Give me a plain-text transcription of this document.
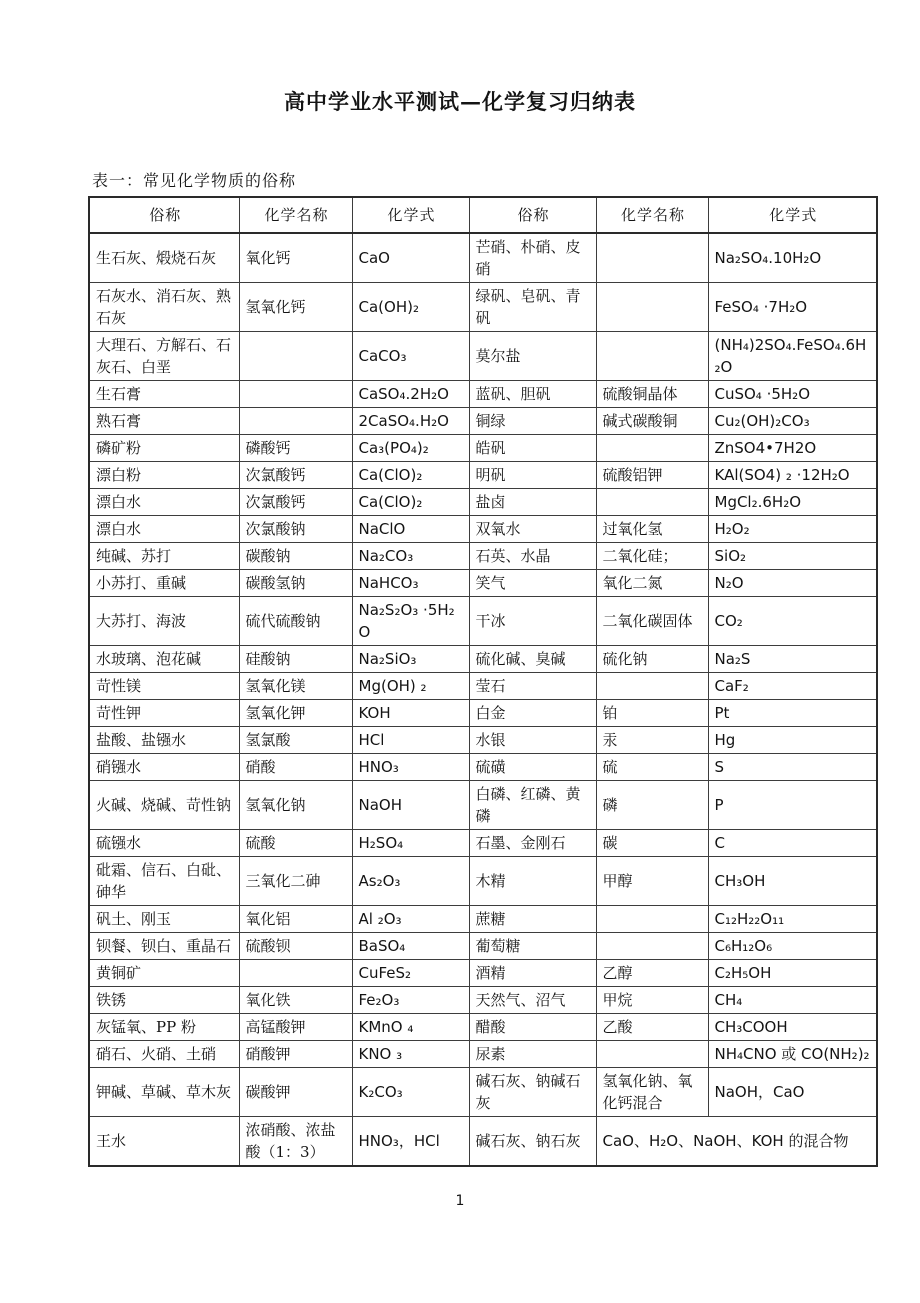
高中学业水平测试—化学复习归纳表
表一：常见化学物质的俗称
俗称	化学名称	化学式	俗称	化学名称	化学式
生石灰、煅烧石灰	氧化钙	CaO	芒硝、朴硝、皮硝		Na₂SO₄.10H₂O
石灰水、消石灰、熟石灰	氢氧化钙	Ca(OH)₂	绿矾、皂矾、青矾		FeSO₄ ·7H₂O
大理石、方解石、石灰石、白垩		CaCO₃	莫尔盐		(NH₄)2SO₄.FeSO₄.6H₂O
生石膏		CaSO₄.2H₂O	蓝矾、胆矾	硫酸铜晶体	CuSO₄ ·5H₂O
熟石膏		2CaSO₄.H₂O	铜绿	碱式碳酸铜	Cu₂(OH)₂CO₃
磷矿粉	磷酸钙	Ca₃(PO₄)₂	皓矾		ZnSO4•7H2O
漂白粉	次氯酸钙	Ca(ClO)₂	明矾	硫酸铝钾	KAl(SO4) ₂ ·12H₂O
漂白水	次氯酸钙	Ca(ClO)₂	盐卤		MgCl₂.6H₂O
漂白水	次氯酸钠	NaClO	双氧水	过氧化氢	H₂O₂
纯碱、苏打	碳酸钠	Na₂CO₃	石英、水晶	二氧化硅；	SiO₂
小苏打、重碱	碳酸氢钠	NaHCO₃	笑气	氧化二氮	N₂O
大苏打、海波	硫代硫酸钠	Na₂S₂O₃ ·5H₂O	干冰	二氧化碳固体	CO₂
水玻璃、泡花碱	硅酸钠	Na₂SiO₃	硫化碱、臭碱	硫化钠	Na₂S
苛性镁	氢氧化镁	Mg(OH) ₂	莹石		CaF₂
苛性钾	氢氧化钾	KOH	白金	铂	Pt
盐酸、盐镪水	氢氯酸	HCl	水银	汞	Hg
硝镪水	硝酸	HNO₃	硫磺	硫	S
火碱、烧碱、苛性钠	氢氧化钠	NaOH	白磷、红磷、黄磷	磷	P
硫镪水	硫酸	H₂SO₄	石墨、金刚石	碳	C
砒霜、信石、白砒、砷华	三氧化二砷	As₂O₃	木精	甲醇	CH₃OH
矾土、刚玉	氧化铝	Al ₂O₃	蔗糖		C₁₂H₂₂O₁₁
钡餐、钡白、重晶石	硫酸钡	BaSO₄	葡萄糖		C₆H₁₂O₆
黄铜矿		CuFeS₂	酒精	乙醇	C₂H₅OH
铁锈	氧化铁	Fe₂O₃	天然气、沼气	甲烷	CH₄
灰锰氧、PP 粉	高锰酸钾	KMnO ₄	醋酸	乙酸	CH₃COOH
硝石、火硝、土硝	硝酸钾	KNO ₃	尿素		NH₄CNO 或 CO(NH₂)₂
钾碱、草碱、草木灰	碳酸钾	K₂CO₃	碱石灰、钠碱石灰	氢氧化钠、氧化钙混合	NaOH，CaO
王水	浓硝酸、浓盐酸（1：3）	HNO₃，HCl	碱石灰、钠石灰	CaO、H₂O、NaOH、KOH 的混合物	
1
